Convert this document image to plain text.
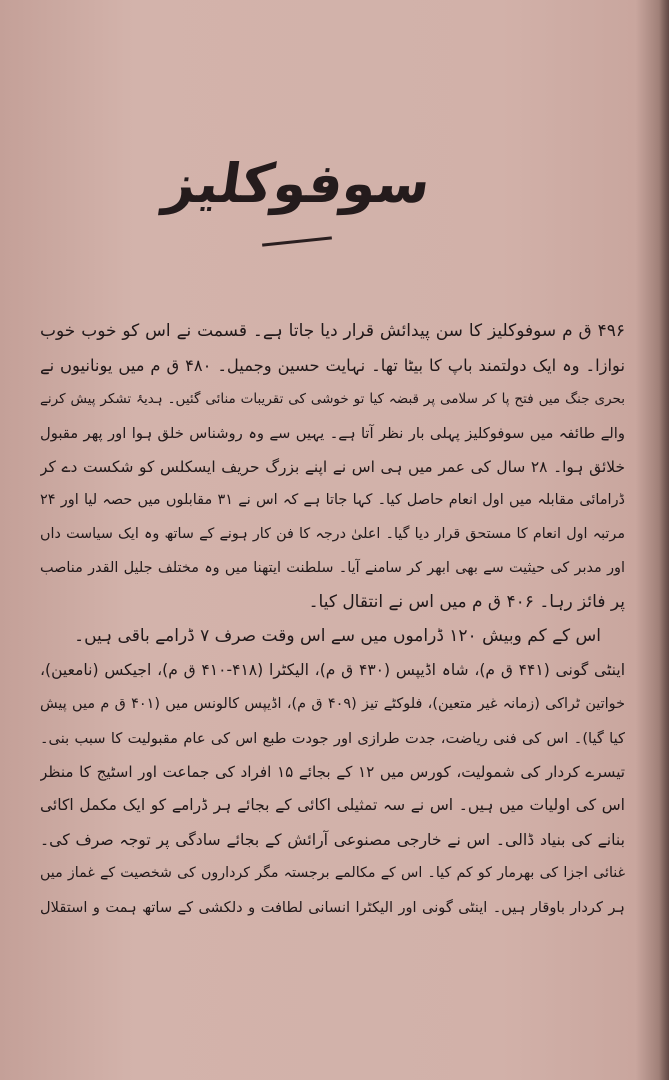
سوفوکلیز
۴۹۶ ق م سوفوکلیز کا سن پیدائش قرار دیا جاتا ہے۔ قسمت نے اس کو خوب خوب
نوازا۔ وہ ایک دولتمند باپ کا بیٹا تھا۔ نہایت حسین وجمیل۔ ۴۸۰ ق م میں یونانیوں نے
بحری جنگ میں فتح پا کر سلامی پر قبضہ کیا تو خوشی کی تقریبات منائی گئیں۔ ہدیۂ تشکر پیش کرنے
والے طائفہ میں سوفوکلیز پہلی بار نظر آتا ہے۔ یہیں سے وہ روشناس خلق ہوا اور پھر مقبول
خلائق ہوا۔ ۲۸ سال کی عمر میں ہی اس نے اپنے بزرگ حریف ایسکلس کو شکست دے کر
ڈرامائی مقابلہ میں اول انعام حاصل کیا۔ کہا جاتا ہے کہ اس نے ۳۱ مقابلوں میں حصہ لیا اور ۲۴
مرتبہ اول انعام کا مستحق قرار دیا گیا۔ اعلیٰ درجہ کا فن کار ہونے کے ساتھ وہ ایک سیاست داں
اور مدبر کی حیثیت سے بھی ابھر کر سامنے آیا۔ سلطنت ایتھنا میں وہ مختلف جلیل القدر مناصب
پر فائز رہا۔ ۴۰۶ ق م میں اس نے انتقال کیا۔
اس کے کم وبیش ۱۲۰ ڈراموں میں سے اس وقت صرف ۷ ڈرامے باقی ہیں۔
اینٹی گونی (۴۴۱ ق م)، شاہ اڈیپس (۴۳۰ ق م)، الیکٹرا (۴۱۸-۴۱۰ ق م)، اجیکس (نامعین)،
خواتین ٹراکی (زمانہ غیر متعین)، فلوکٹے تیز (۴۰۹ ق م)، اڈیپس کالونس میں (۴۰۱ ق م میں پیش
کیا گیا)۔ اس کی فنی ریاضت، جدت طرازی اور جودت طبع اس کی عام مقبولیت کا سبب بنی۔
تیسرے کردار کی شمولیت، کورس میں ۱۲ کے بجائے ۱۵ افراد کی جماعت اور اسٹیج کا منظر
اس کی اولیات میں ہیں۔ اس نے سہ تمثیلی اکائی کے بجائے ہر ڈرامے کو ایک مکمل اکائی
بنانے کی بنیاد ڈالی۔ اس نے خارجی مصنوعی آرائش کے بجائے سادگی پر توجہ صرف کی۔
غنائی اجزا کی بھرمار کو کم کیا۔ اس کے مکالمے برجستہ مگر کرداروں کی شخصیت کے غماز میں
ہر کردار باوقار ہیں۔ اینٹی گونی اور الیکٹرا انسانی لطافت و دلکشی کے ساتھ ہمت و استقلال
